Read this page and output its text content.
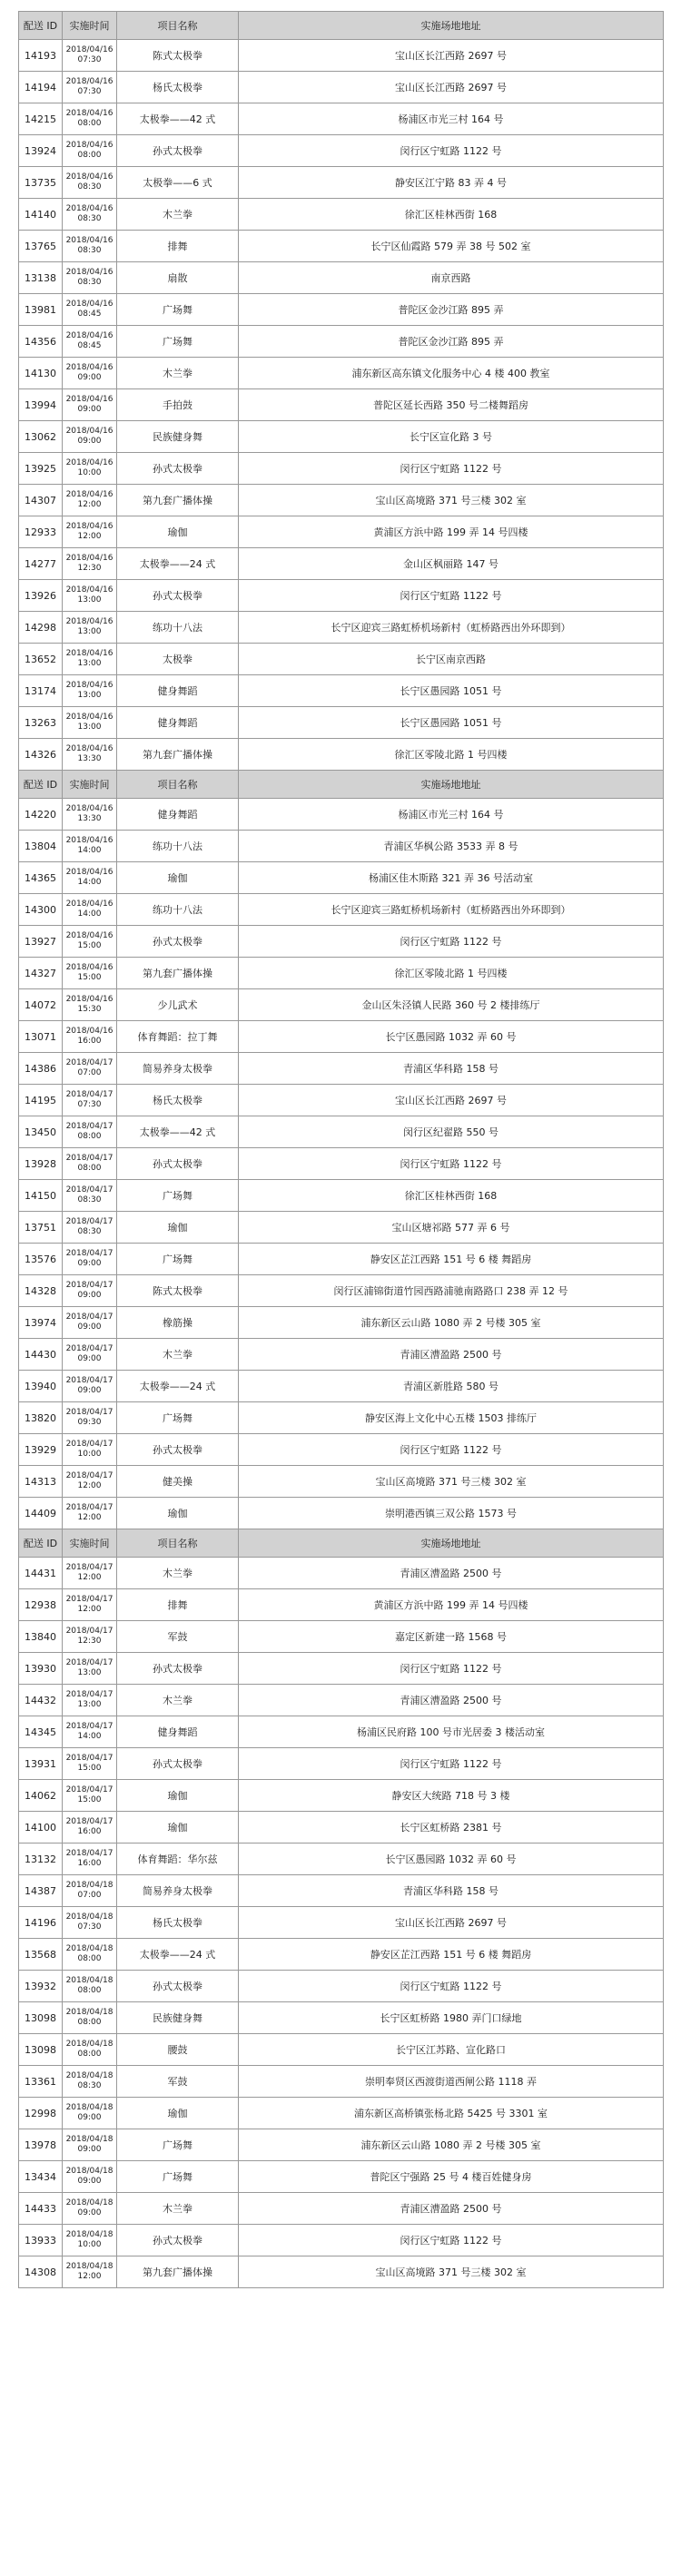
配送 ID	实施时间	项目名称	实施场地地址
14193	2018/04/16 07:30	陈式太极拳	宝山区长江西路 2697 号
14194	2018/04/16 07:30	杨氏太极拳	宝山区长江西路 2697 号
14215	2018/04/16 08:00	太极拳——42 式	杨浦区市光三村 164 号
13924	2018/04/16 08:00	孙式太极拳	闵行区宁虹路 1122 号
13735	2018/04/16 08:30	太极拳——6 式	静安区江宁路 83 弄 4 号
14140	2018/04/16 08:30	木兰拳	徐汇区桂林西街 168
13765	2018/04/16 08:30	排舞	长宁区仙霞路 579 弄 38 号 502 室
13138	2018/04/16 08:30	扇散	南京西路
13981	2018/04/16 08:45	广场舞	普陀区金沙江路 895 弄
14356	2018/04/16 08:45	广场舞	普陀区金沙江路 895 弄
14130	2018/04/16 09:00	木兰拳	浦东新区高东镇文化服务中心 4 楼 400 教室
13994	2018/04/16 09:00	手拍鼓	普陀区延长西路 350 号二楼舞蹈房
13062	2018/04/16 09:00	民族健身舞	长宁区宣化路 3 号
13925	2018/04/16 10:00	孙式太极拳	闵行区宁虹路 1122 号
14307	2018/04/16 12:00	第九套广播体操	宝山区高境路 371 号三楼 302 室
12933	2018/04/16 12:00	瑜伽	黄浦区方浜中路 199 弄 14 号四楼
14277	2018/04/16 12:30	太极拳——24 式	金山区枫丽路 147 号
13926	2018/04/16 13:00	孙式太极拳	闵行区宁虹路 1122 号
14298	2018/04/16 13:00	练功十八法	长宁区迎宾三路虹桥机场新村（虹桥路西出外环即到）
13652	2018/04/16 13:00	太极拳	长宁区南京西路
13174	2018/04/16 13:00	健身舞蹈	长宁区愚园路 1051 号
13263	2018/04/16 13:00	健身舞蹈	长宁区愚园路 1051 号
14326	2018/04/16 13:30	第九套广播体操	徐汇区零陵北路 1 号四楼
配送 ID	实施时间	项目名称	实施场地地址
14220	2018/04/16 13:30	健身舞蹈	杨浦区市光三村 164 号
13804	2018/04/16 14:00	练功十八法	青浦区华枫公路 3533 弄 8 号
14365	2018/04/16 14:00	瑜伽	杨浦区佳木斯路 321 弄 36 号活动室
14300	2018/04/16 14:00	练功十八法	长宁区迎宾三路虹桥机场新村（虹桥路西出外环即到）
13927	2018/04/16 15:00	孙式太极拳	闵行区宁虹路 1122 号
14327	2018/04/16 15:00	第九套广播体操	徐汇区零陵北路 1 号四楼
14072	2018/04/16 15:30	少儿武术	金山区朱泾镇人民路 360 号 2 楼排练厅
13071	2018/04/16 16:00	体育舞蹈：拉丁舞	长宁区愚园路 1032 弄 60 号
14386	2018/04/17 07:00	简易养身太极拳	青浦区华科路 158 号
14195	2018/04/17 07:30	杨氏太极拳	宝山区长江西路 2697 号
13450	2018/04/17 08:00	太极拳——42 式	闵行区纪翟路 550 号
13928	2018/04/17 08:00	孙式太极拳	闵行区宁虹路 1122 号
14150	2018/04/17 08:30	广场舞	徐汇区桂林西街 168
13751	2018/04/17 08:30	瑜伽	宝山区塘祁路 577 弄 6 号
13576	2018/04/17 09:00	广场舞	静安区芷江西路 151 号 6 楼 舞蹈房
14328	2018/04/17 09:00	陈式太极拳	闵行区浦锦街道竹园西路浦驰南路路口 238 弄 12 号
13974	2018/04/17 09:00	橡筋操	浦东新区云山路 1080 弄 2 号楼 305 室
14430	2018/04/17 09:00	木兰拳	青浦区漕盈路 2500 号
13940	2018/04/17 09:00	太极拳——24 式	青浦区新胜路 580 号
13820	2018/04/17 09:30	广场舞	静安区海上文化中心五楼 1503 排练厅
13929	2018/04/17 10:00	孙式太极拳	闵行区宁虹路 1122 号
14313	2018/04/17 12:00	健美操	宝山区高境路 371 号三楼 302 室
14409	2018/04/17 12:00	瑜伽	崇明港西镇三双公路 1573 号
配送 ID	实施时间	项目名称	实施场地地址
14431	2018/04/17 12:00	木兰拳	青浦区漕盈路 2500 号
12938	2018/04/17 12:00	排舞	黄浦区方浜中路 199 弄 14 号四楼
13840	2018/04/17 12:30	军鼓	嘉定区新建一路 1568 号
13930	2018/04/17 13:00	孙式太极拳	闵行区宁虹路 1122 号
14432	2018/04/17 13:00	木兰拳	青浦区漕盈路 2500 号
14345	2018/04/17 14:00	健身舞蹈	杨浦区民府路 100 号市光居委 3 楼活动室
13931	2018/04/17 15:00	孙式太极拳	闵行区宁虹路 1122 号
14062	2018/04/17 15:00	瑜伽	静安区大统路 718 号 3 楼
14100	2018/04/17 16:00	瑜伽	长宁区虹桥路 2381 号
13132	2018/04/17 16:00	体育舞蹈：华尔兹	长宁区愚园路 1032 弄 60 号
14387	2018/04/18 07:00	简易养身太极拳	青浦区华科路 158 号
14196	2018/04/18 07:30	杨氏太极拳	宝山区长江西路 2697 号
13568	2018/04/18 08:00	太极拳——24 式	静安区芷江西路 151 号 6 楼 舞蹈房
13932	2018/04/18 08:00	孙式太极拳	闵行区宁虹路 1122 号
13098	2018/04/18 08:00	民族健身舞	长宁区虹桥路 1980 弄门口绿地
13098	2018/04/18 08:00	腰鼓	长宁区江苏路、宣化路口
13361	2018/04/18 08:30	军鼓	崇明奉贤区西渡街道西闸公路 1118 弄
12998	2018/04/18 09:00	瑜伽	浦东新区高桥镇张杨北路 5425 号 3301 室
13978	2018/04/18 09:00	广场舞	浦东新区云山路 1080 弄 2 号楼 305 室
13434	2018/04/18 09:00	广场舞	普陀区宁强路 25 号 4 楼百姓健身房
14433	2018/04/18 09:00	木兰拳	青浦区漕盈路 2500 号
13933	2018/04/18 10:00	孙式太极拳	闵行区宁虹路 1122 号
14308	2018/04/18 12:00	第九套广播体操	宝山区高境路 371 号三楼 302 室
